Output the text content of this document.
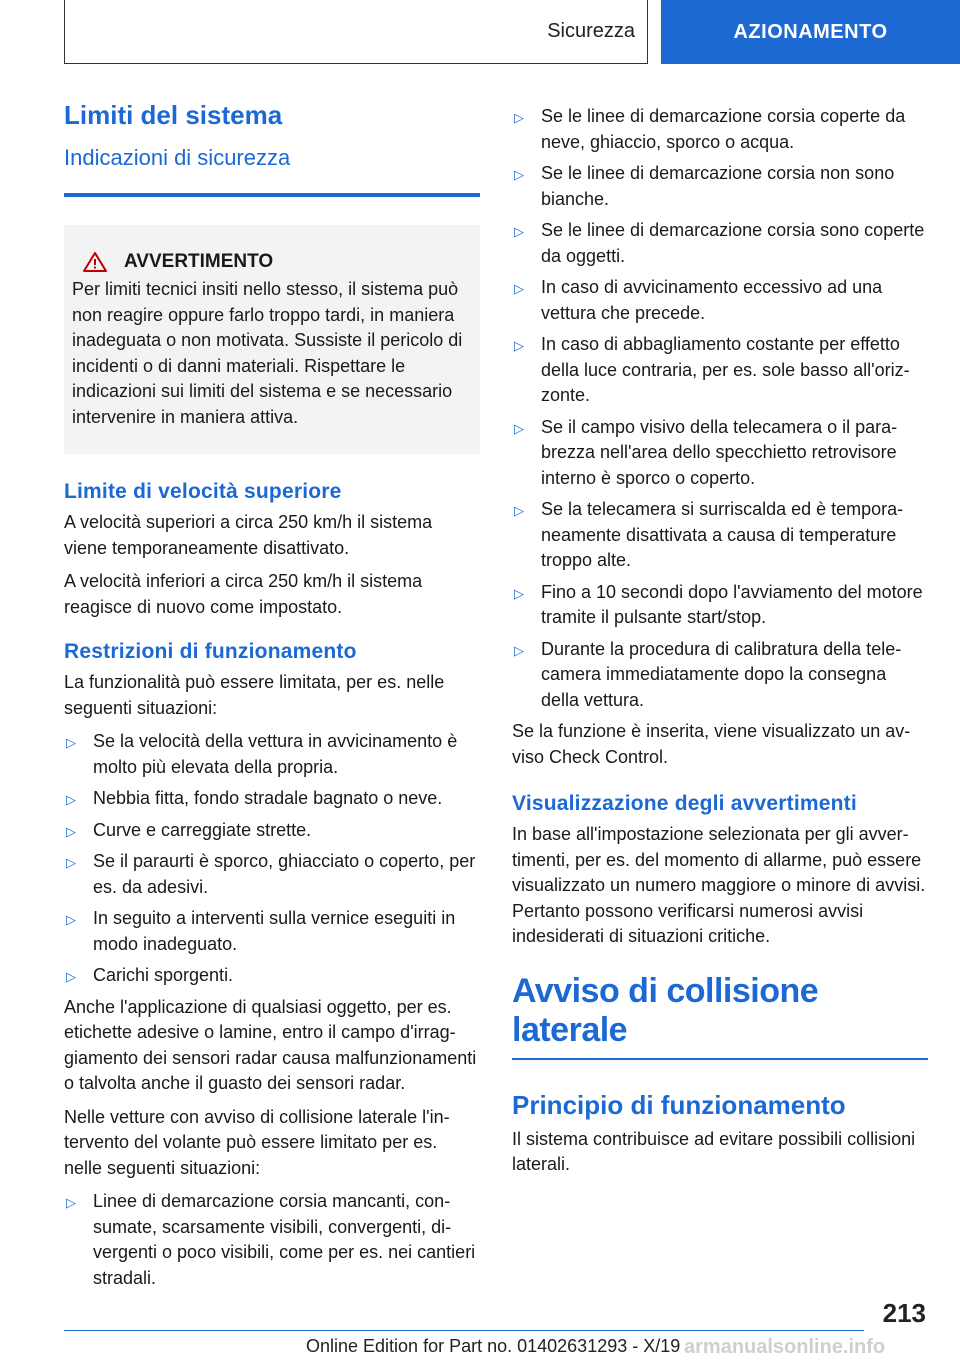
Sicurezza	AZIONAMENTO
Limiti del sistema
Indicazioni di sicurezza
AVVERTIMENTO

Per limiti tecnici insiti nello stesso, il sistema può non reagire oppure farlo troppo tardi, in maniera inadeguata o non motivata. Sussiste il pericolo di incidenti o di danni materiali. Rispettare le indicazioni sui limiti del sistema e se necessario intervenire in maniera attiva.

Limite di velocità superiore

A velocità superiori a circa 250 km/h il sistema viene temporaneamente disattivato.

A velocità inferiori a circa 250 km/h il sistema reagisce di nuovo come impostato.

Restrizioni di funzionamento

La funzionalità può essere limitata, per es. nelle seguenti situazioni:

▷ Se la velocità della vettura in avvicinamento è molto più elevata della propria.
▷ Nebbia fitta, fondo stradale bagnato o neve.
▷ Curve e carreggiate strette.
▷ Se il paraurti è sporco, ghiacciato o coperto, per es. da adesivi.
▷ In seguito a interventi sulla vernice eseguiti in modo inadeguato.
▷ Carichi sporgenti.

Anche l'applicazione di qualsiasi oggetto, per es. etichette adesive o lamine, entro il campo d'irraggiamento dei sensori radar causa malfunzionamenti o talvolta anche il guasto dei sensori radar.

Nelle vetture con avviso di collisione laterale l'intervento del volante può essere limitato per es. nelle seguenti situazioni:

▷ Linee di demarcazione corsia mancanti, consumate, scarsamente visibili, convergenti, divergenti o poco visibili, come per es. nei cantieri stradali.
▷ Se le linee di demarcazione corsia coperte da neve, ghiaccio, sporco o acqua.
▷ Se le linee di demarcazione corsia non sono bianche.
▷ Se le linee di demarcazione corsia sono coperte da oggetti.
▷ In caso di avvicinamento eccessivo ad una vettura che precede.
▷ In caso di abbagliamento costante per effetto della luce contraria, per es. sole basso all'orizzonte.
▷ Se il campo visivo della telecamera o il parabrezza nell'area dello specchietto retrovisore interno è sporco o coperto.
▷ Se la telecamera si surriscalda ed è temporaneamente disattivata a causa di temperature troppo alte.
▷ Fino a 10 secondi dopo l'avviamento del motore tramite il pulsante start/stop.
▷ Durante la procedura di calibratura della telecamera immediatamente dopo la consegna della vettura.

Se la funzione è inserita, viene visualizzato un avviso Check Control.

Visualizzazione degli avvertimenti

In base all'impostazione selezionata per gli avvertimenti, per es. del momento di allarme, può essere visualizzato un numero maggiore o minore di avvisi. Pertanto possono verificarsi numerosi avvisi indesiderati di situazioni critiche.

Avviso di collisione laterale
Principio di funzionamento

Il sistema contribuisce ad evitare possibili collisioni laterali.

213
Online Edition for Part no. 01402631293 - X/19 armanualsonline.info
